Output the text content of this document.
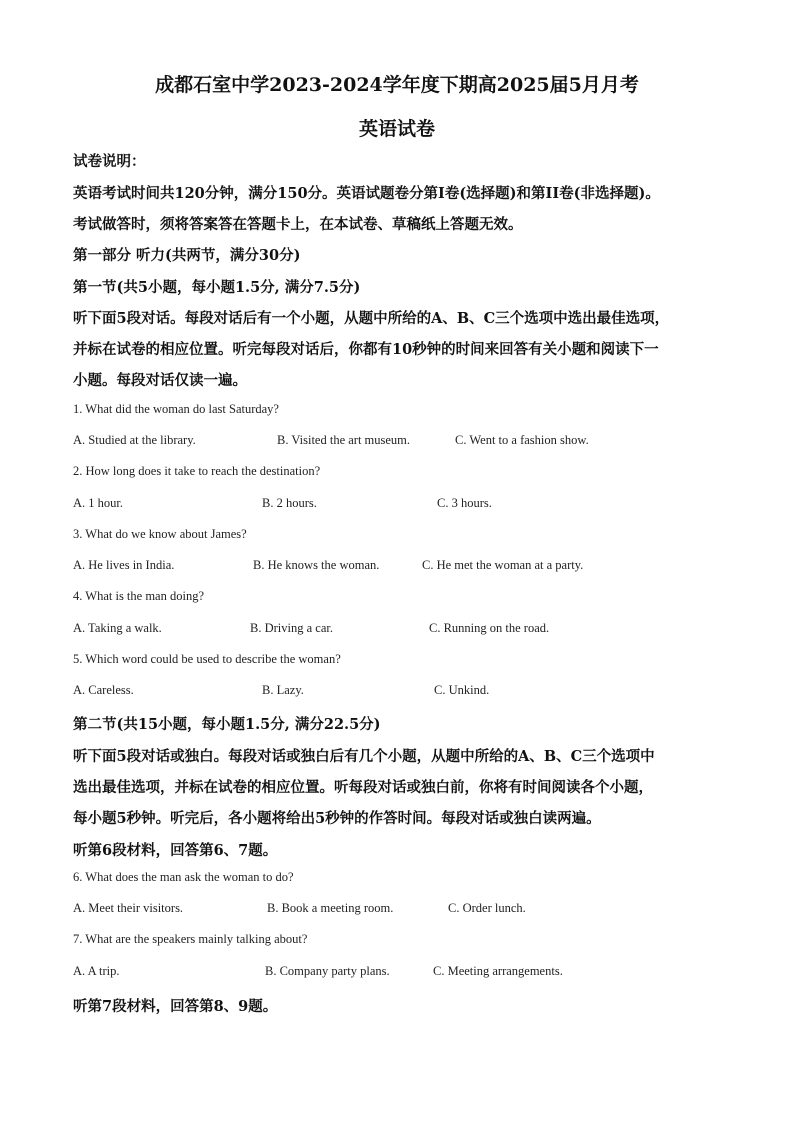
成都石室中学2023-2024学年度下期高2025届5月月考
英语试卷
试卷说明：
英语考试时间共120分钟，满分150分。英语试题卷分第I卷(选择题)和第II卷(非选择题)。
考试做答时，须将答案答在答题卡上，在本试卷、草稿纸上答题无效。
第一部分 听力(共两节，满分30分)
第一节(共5小题，每小题1.5分, 满分7.5分)
听下面5段对话。每段对话后有一个小题，从题中所给的A、B、C三个选项中选出最佳选项，
并标在试卷的相应位置。听完每段对话后，你都有10秒钟的时间来回答有关小题和阅读下一
小题。每段对话仅读一遍。
1. What did the woman do last Saturday?
A. Studied at the library.	B. Visited the art museum.	C. Went to a fashion show.
2. How long does it take to reach the destination?
A. 1 hour.	B. 2 hours.	C. 3 hours.
3. What do we know about James?
A. He lives in India.	B. He knows the woman.	C. He met the woman at a party.
4. What is the man doing?
A. Taking a walk.	B. Driving a car.	C. Running on the road.
5. Which word could be used to describe the woman?
A. Careless.	B. Lazy.	C. Unkind.
第二节(共15小题，每小题1.5分, 满分22.5分)
听下面5段对话或独白。每段对话或独白后有几个小题，从题中所给的A、B、C三个选项中
选出最佳选项，并标在试卷的相应位置。听每段对话或独白前，你将有时间阅读各个小题，
每小题5秒钟。听完后，各小题将给出5秒钟的作答时间。每段对话或独白读两遍。
听第6段材料，回答第6、7题。
6. What does the man ask the woman to do?
A. Meet their visitors.	B. Book a meeting room.	C. Order lunch.
7. What are the speakers mainly talking about?
A. A trip.	B. Company party plans.	C. Meeting arrangements.
听第7段材料，回答第8、9题。
